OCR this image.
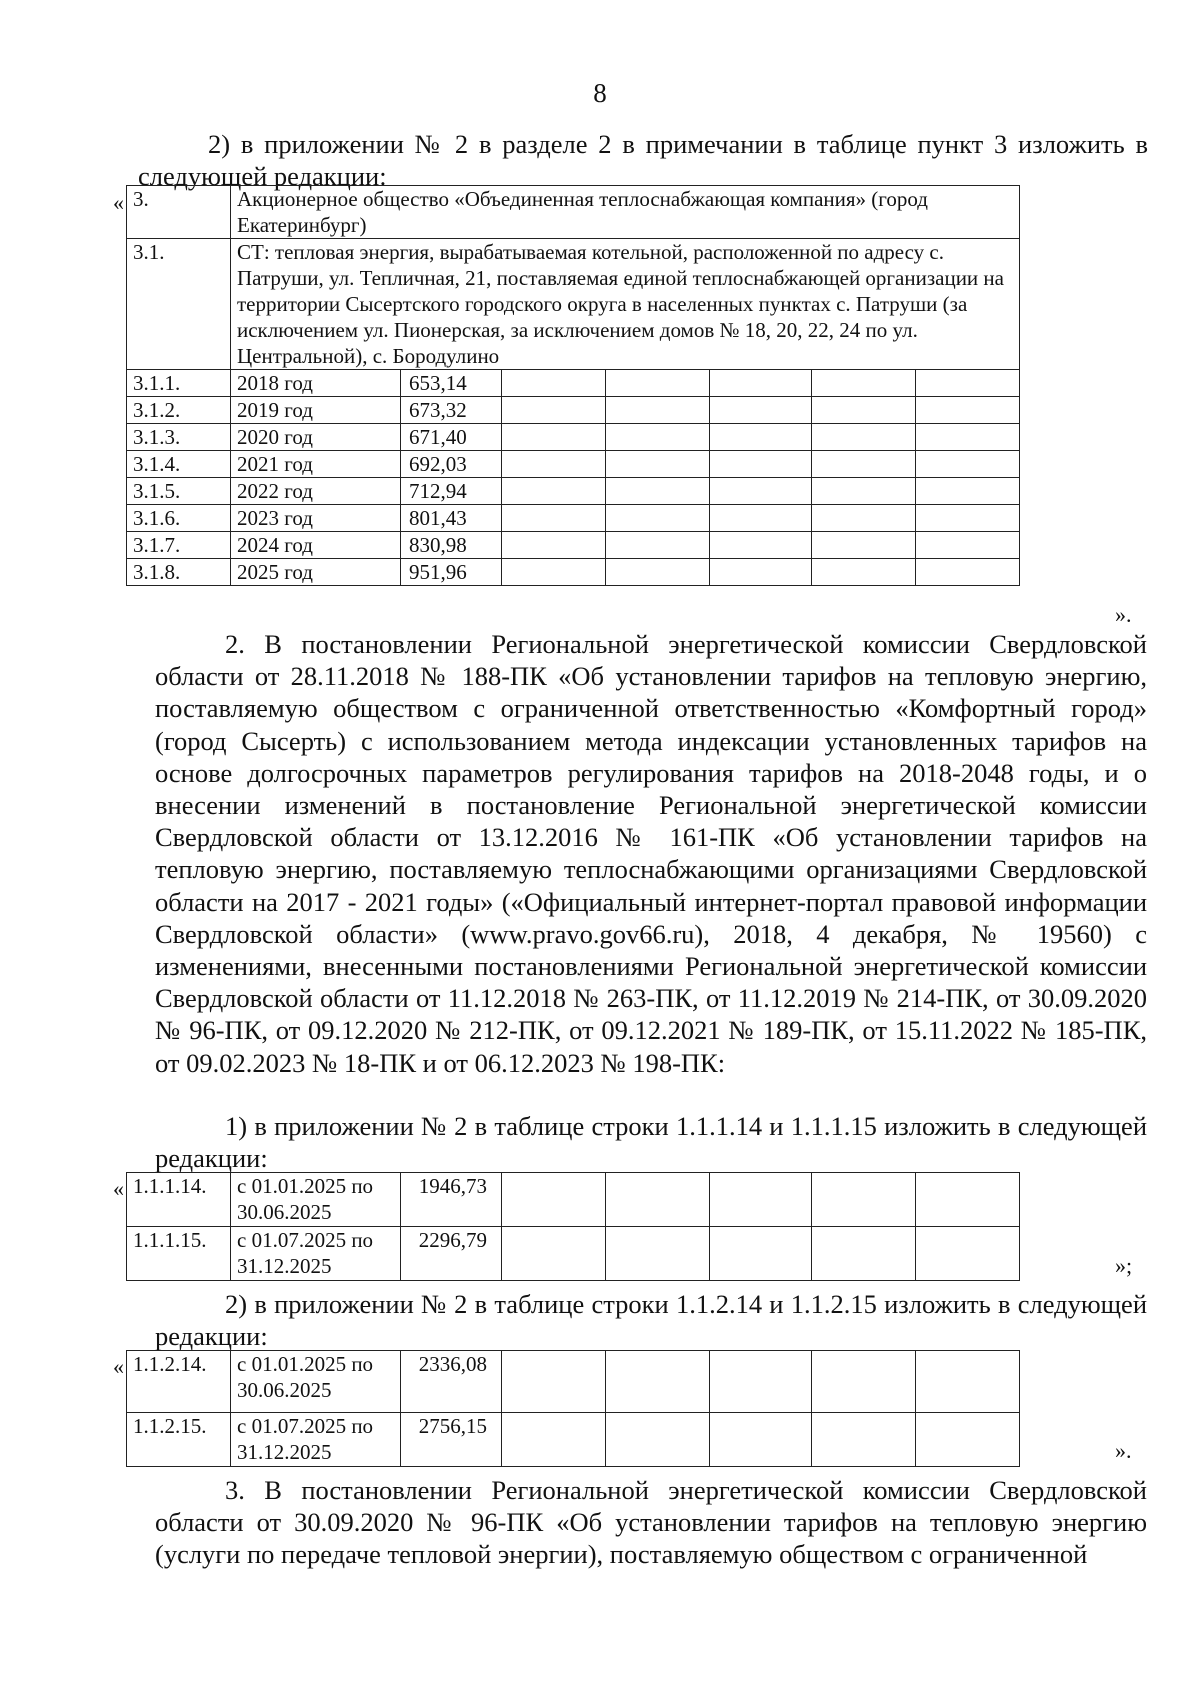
8
2) в приложении № 2 в разделе 2 в примечании в таблице пункт 3 изложить в следующей редакции:
« 3.	Акционерное общество «Объединенная теплоснабжающая компания» (город Екатеринбург)						
3.1.	СТ: тепловая энергия, вырабатываемая котельной, расположенной по адресу с. Патруши, ул. Тепличная, 21, поставляемая единой теплоснабжающей организации на территории Сысертского городского округа в населенных пунктах с. Патруши (за исключением ул. Пионерская, за исключением домов № 18, 20, 22, 24 по ул. Центральной), с. Бородулино						
3.1.1.	2018 год	653,14					
3.1.2.	2019 год	673,32					
3.1.3.	2020 год	671,40					
3.1.4.	2021 год	692,03					
3.1.5.	2022 год	712,94					
3.1.6.	2023 год	801,43					
3.1.7.	2024 год	830,98					
3.1.8.	2025 год	951,96					
».
2. В постановлении Региональной энергетической комиссии Свердловской области от 28.11.2018 № 188-ПК «Об установлении тарифов на тепловую энергию, поставляемую обществом с ограниченной ответственностью «Комфортный город» (город Сысерть) с использованием метода индексации установленных тарифов на основе долгосрочных параметров регулирования тарифов на 2018-2048 годы, и о внесении изменений в постановление Региональной энергетической комиссии Свердловской области от 13.12.2016 № 161-ПК «Об установлении тарифов на тепловую энергию, поставляемую теплоснабжающими организациями Свердловской области на 2017 - 2021 годы» («Официальный интернет-портал правовой информации Свердловской области» (www.pravo.gov66.ru), 2018, 4 декабря, № 19560) с изменениями, внесенными постановлениями Региональной энергетической комиссии Свердловской области от 11.12.2018 № 263-ПК, от 11.12.2019 № 214-ПК, от 30.09.2020 № 96-ПК, от 09.12.2020 № 212-ПК, от 09.12.2021 № 189-ПК, от 15.11.2022 № 185-ПК, от 09.02.2023 № 18-ПК и от 06.12.2023 № 198-ПК:
1) в приложении № 2 в таблице строки 1.1.1.14 и 1.1.1.15 изложить в следующей редакции:
« 1.1.1.14.	с 01.01.2025 по 30.06.2025	1946,73					
1.1.1.15.	с 01.07.2025 по 31.12.2025	2296,79					
»;
2) в приложении № 2 в таблице строки 1.1.2.14 и 1.1.2.15 изложить в следующей редакции:
« 1.1.2.14.	с 01.01.2025 по 30.06.2025	2336,08					
1.1.2.15.	с 01.07.2025 по 31.12.2025	2756,15					
».
3. В постановлении Региональной энергетической комиссии Свердловской области от 30.09.2020 № 96-ПК «Об установлении тарифов на тепловую энергию (услуги по передаче тепловой энергии), поставляемую обществом с ограниченной
